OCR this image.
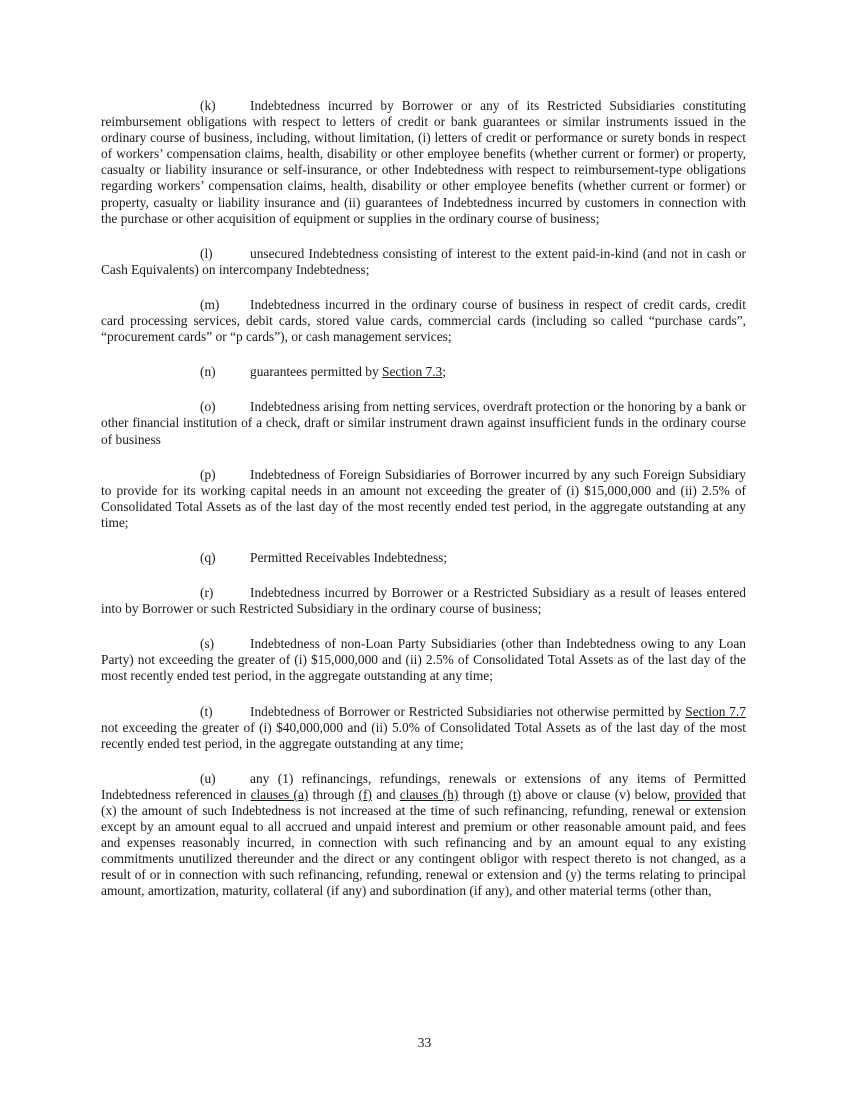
(k)	Indebtedness incurred by Borrower or any of its Restricted Subsidiaries constituting reimbursement obligations with respect to letters of credit or bank guarantees or similar instruments issued in the ordinary course of business, including, without limitation, (i) letters of credit or performance or surety bonds in respect of workers’ compensation claims, health, disability or other employee benefits (whether current or former) or property, casualty or liability insurance or self-insurance, or other Indebtedness with respect to reimbursement-type obligations regarding workers’ compensation claims, health, disability or other employee benefits (whether current or former) or property, casualty or liability insurance and (ii) guarantees of Indebtedness incurred by customers in connection with the purchase or other acquisition of equipment or supplies in the ordinary course of business;

(l)	unsecured Indebtedness consisting of interest to the extent paid-in-kind (and not in cash or Cash Equivalents) on intercompany Indebtedness;

(m) Indebtedness incurred in the ordinary course of business in respect of credit cards, credit card processing services, debit cards, stored value cards, commercial cards (including so called “purchase cards”, “procurement cards” or “p cards”), or cash management services;

(n)	guarantees permitted by Section 7.3;

(o)	Indebtedness arising from netting services, overdraft protection or the honoring by a bank or other financial institution of a check, draft or similar instrument drawn against insufficient funds in the ordinary course of business

(p)	Indebtedness of Foreign Subsidiaries of Borrower incurred by any such Foreign Subsidiary to provide for its working capital needs in an amount not exceeding the greater of (i) $15,000,000 and (ii) 2.5% of Consolidated Total Assets as of the last day of the most recently ended test period, in the aggregate outstanding at any time;

(q)	Permitted Receivables Indebtedness;

(r)	Indebtedness incurred by Borrower or a Restricted Subsidiary as a result of leases entered into by Borrower or such Restricted Subsidiary in the ordinary course of business;

(s)	Indebtedness of non-Loan Party Subsidiaries (other than Indebtedness owing to any Loan Party) not exceeding the greater of (i) $15,000,000 and (ii) 2.5% of Consolidated Total Assets as of the last day of the most recently ended test period, in the aggregate outstanding at any time;

(t)	Indebtedness of Borrower or Restricted Subsidiaries not otherwise permitted by Section 7.7 not exceeding the greater of (i) $40,000,000 and (ii) 5.0% of Consolidated Total Assets as of the last day of the most recently ended test period, in the aggregate outstanding at any time;

(u)	any (1) refinancings, refundings, renewals or extensions of any items of Permitted Indebtedness referenced in clauses (a) through (f) and clauses (h) through (t) above or clause (v) below, provided that (x) the amount of such Indebtedness is not increased at the time of such refinancing, refunding, renewal or extension except by an amount equal to all accrued and unpaid interest and premium or other reasonable amount paid, and fees and expenses reasonably incurred, in connection with such refinancing and by an amount equal to any existing commitments unutilized thereunder and the direct or any contingent obligor with respect thereto is not changed, as a result of or in connection with such refinancing, refunding, renewal or extension and (y) the terms relating to principal amount, amortization, maturity, collateral (if any) and subordination (if any), and other material terms (other than,

33
